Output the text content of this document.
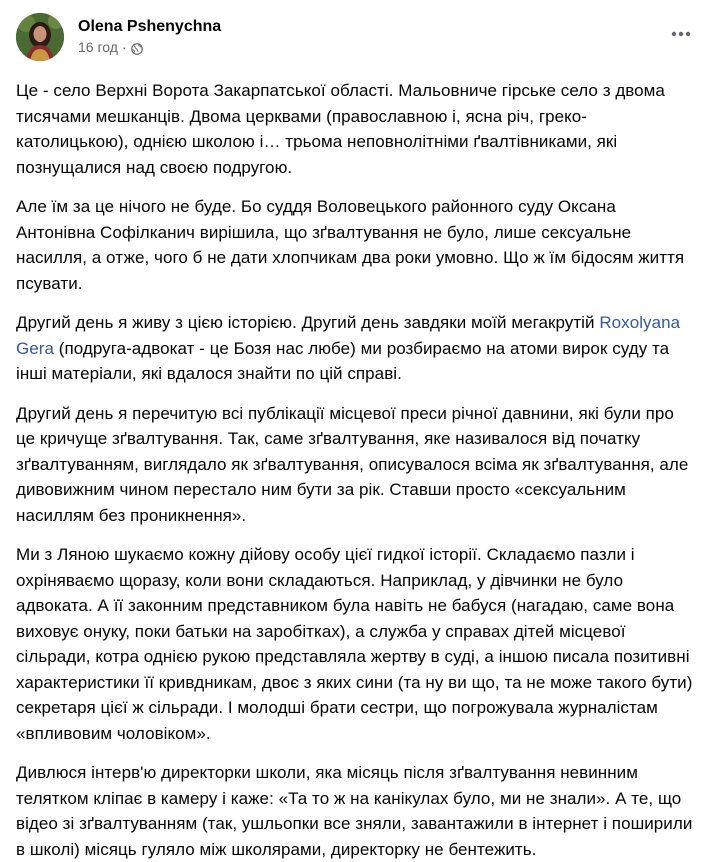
Olena Pshenychna
16 год ·

Це - село Верхні Ворота Закарпатської області. Мальовниче гірське село з двома тисячами мешканців. Двома церквами (православною і, ясна річ, греко-католицькою), однією школою і… трьома неповнолітніми ґвалтівниками, які познущалися над своєю подругою.

Але їм за це нічого не буде. Бо суддя Воловецького районного суду Оксана Антонівна Софілканич вирішила, що зґвалтування не було, лише сексуальне насилля, а отже, чого б не дати хлопчикам два роки умовно. Що ж їм бідосям життя псувати.

Другий день я живу з цією історією. Другий день завдяки моїй мегакрутій Roxolyana Gera (подруга-адвокат - це Бозя нас любе) ми розбираємо на атоми вирок суду та інші матеріали, які вдалося знайти по цій справі.

Другий день я перечитую всі публікації місцевої преси річної давнини, які були про це кричуще зґвалтування. Так, саме зґвалтування, яке називалося від початку зґвалтуванням, виглядало як зґвалтування, описувалося всіма як зґвалтування, але дивовижним чином перестало ним бути за рік. Ставши просто «сексуальним насиллям без проникнення».

Ми з Ляною шукаємо кожну дійову особу цієї гидкої історії. Складаємо пазли і охріняваємо щоразу, коли вони складаються. Наприклад, у дівчинки не було адвоката. А її законним представником була навіть не бабуся (нагадаю, саме вона виховує онуку, поки батьки на заробітках), а служба у справах дітей місцевої сільради, котра однією рукою представляла жертву в суді, а іншою писала позитивні характеристики її кривдникам, двоє з яких сини (та ну ви що, та не може такого бути) секретаря цієї ж сільради. І молодші брати сестри, що погрожувала журналістам «впливовим чоловіком».

Дивлюся інтерв'ю директорки школи, яка місяць після зґвалтування невинним телятком кліпає в камеру і каже: «Та то ж на канікулах було, ми не знали». А те, що відео зі зґвалтуванням (так, ушльопки все зняли, завантажили в інтернет і поширили в школі) місяць гуляло між школярами, директорку не бентежить.
